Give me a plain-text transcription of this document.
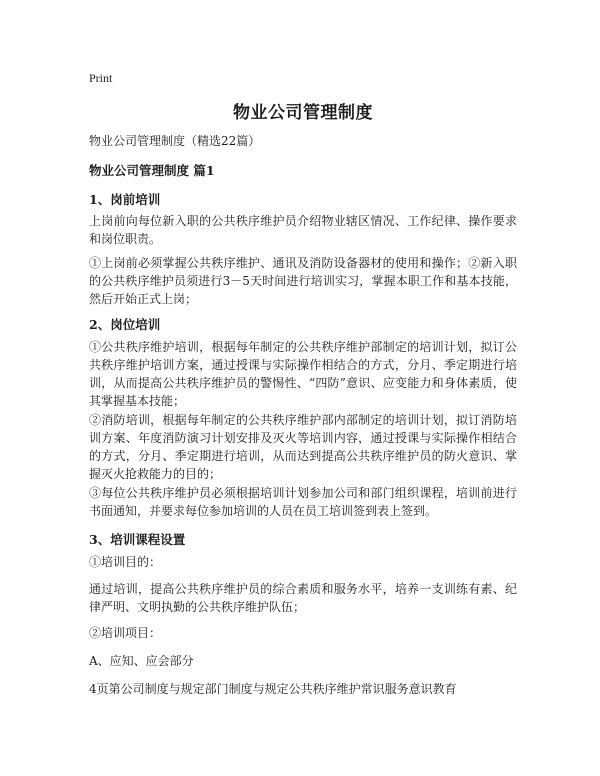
Print
物业公司管理制度
物业公司管理制度（精选22篇）
物业公司管理制度 篇1
1、岗前培训
上岗前向每位新入职的公共秩序维护员介绍物业辖区情况、工作纪律、操作要求和岗位职责。
①上岗前必须掌握公共秩序维护、通讯及消防设备器材的使用和操作；②新入职的公共秩序维护员须进行3－5天时间进行培训实习，掌握本职工作和基本技能，然后开始正式上岗；
2、岗位培训
①公共秩序维护培训，根据每年制定的公共秩序维护部制定的培训计划，拟订公共秩序维护培训方案，通过授课与实际操作相结合的方式，分月、季定期进行培训，从而提高公共秩序维护员的警惕性、“四防”意识、应变能力和身体素质，使其掌握基本技能；
②消防培训，根据每年制定的公共秩序维护部内部制定的培训计划，拟订消防培训方案、年度消防演习计划安排及灭火等培训内容，通过授课与实际操作相结合的方式，分月、季定期进行培训，从而达到提高公共秩序维护员的防火意识、掌握灭火抢救能力的目的；
③每位公共秩序维护员必须根据培训计划参加公司和部门组织课程，培训前进行书面通知，并要求每位参加培训的人员在员工培训签到表上签到。
3、培训课程设置
①培训目的：
通过培训，提高公共秩序维护员的综合素质和服务水平，培养一支训练有素、纪律严明、文明执勤的公共秩序维护队伍；
②培训项目：
A、应知、应会部分
4页第公司制度与规定部门制度与规定公共秩序维护常识服务意识教育
